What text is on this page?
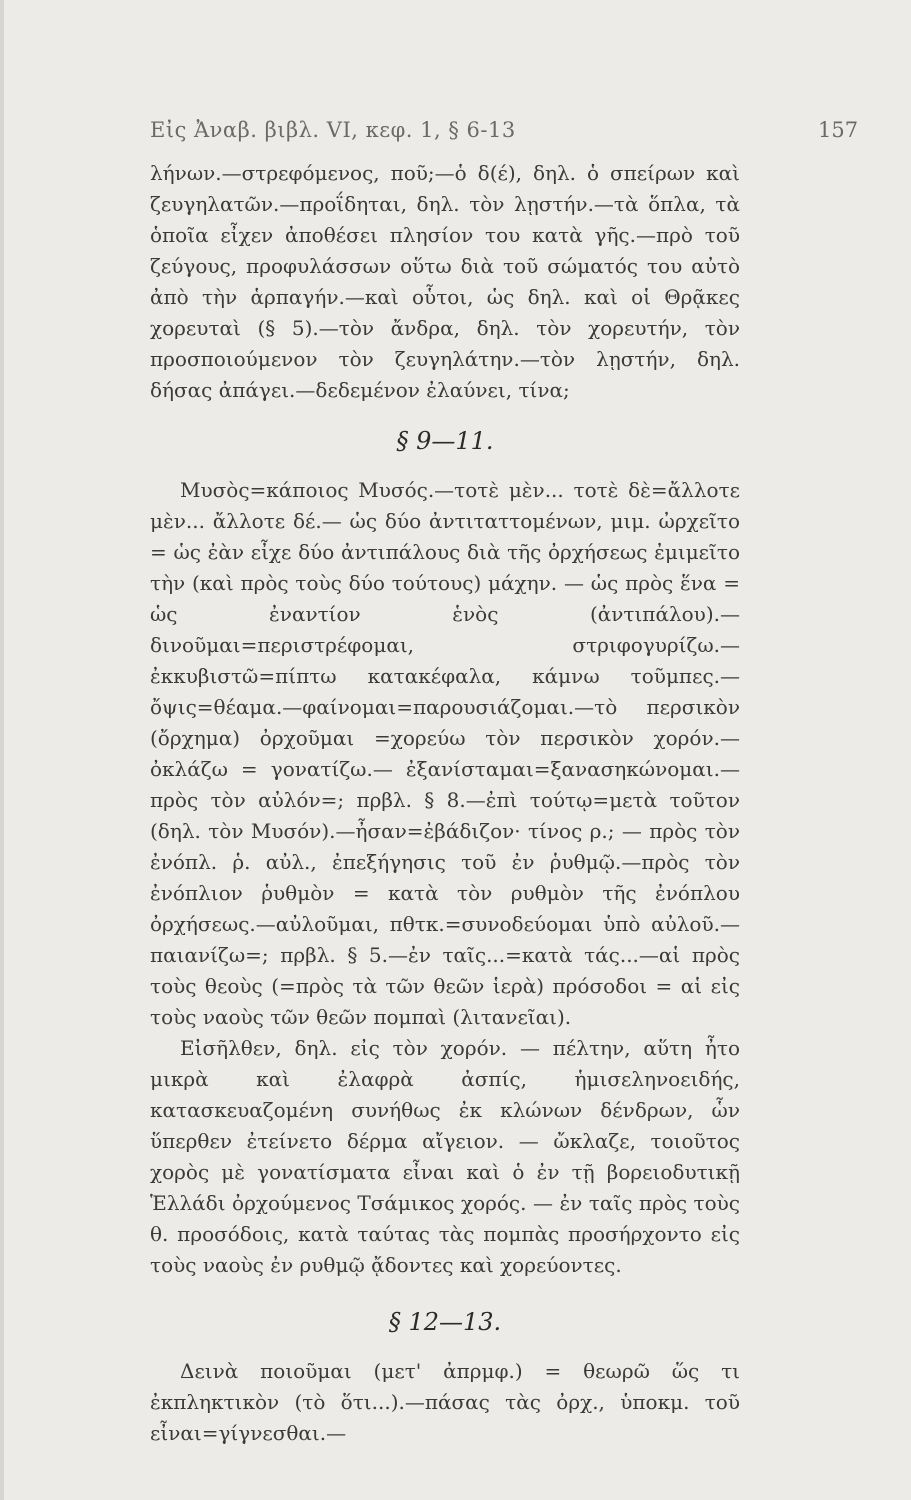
Εἰς Ἀναβ. βιβλ. VI, κεφ. 1, § 6-13	157

λήνων.—στρεφόμενος, ποῦ;—ὁ δ(έ), δηλ. ὁ σπείρων καὶ ζευγηλατῶν.—προΐδηται, δηλ. τὸν λῃστήν.—τὰ ὅπλα, τὰ ὁποῖα εἶχεν ἀποθέσει πλησίον του κατὰ γῆς.—πρὸ τοῦ ζεύγους, προφυλάσσων οὕτω διὰ τοῦ σώματός του αὐτὸ ἀπὸ τὴν ἁρπαγήν.—καὶ οὗτοι, ὡς δηλ. καὶ οἱ Θρᾷκες χορευταὶ (§ 5).—τὸν ἄνδρα, δηλ. τὸν χορευτήν, τὸν προσποιούμενον τὸν ζευγηλάτην.—τὸν λῃστήν, δηλ. δήσας ἀπάγει.—δεδεμένον ἐλαύνει, τίνα;

§ 9—11.

Μυσὸς=κάποιος Μυσός.—τοτὲ μὲν... τοτὲ δὲ=ἄλλοτε μὲν... ἄλλοτε δέ.— ὡς δύο ἀντιταττομένων, μιμ. ὠρχεῖτο = ὡς ἐὰν εἶχε δύο ἀντιπάλους διὰ τῆς ὀρχήσεως ἐμιμεῖτο τὴν (καὶ πρὸς τοὺς δύο τούτους) μάχην. — ὡς πρὸς ἕνα = ὡς ἐναντίον ἑνὸς (ἀντιπάλου).—δινοῦμαι=περιστρέφομαι, στριφογυρίζω.—ἐκκυβιστῶ=πίπτω κατακέφαλα, κάμνω τοῦμπες.—ὄψις=θέαμα.—φαίνομαι=παρουσιάζομαι.—τὸ περσικὸν (ὄρχημα) ὀρχοῦμαι =χορεύω τὸν περσικὸν χορόν.— ὀκλάζω = γονατίζω.— ἐξανίσταμαι=ξανασηκώνομαι.—πρὸς τὸν αὐλόν=; πρβλ. § 8.—ἐπὶ τούτῳ=μετὰ τοῦτον (δηλ. τὸν Μυσόν).—ἦσαν=ἐβάδιζον· τίνος ρ.; — πρὸς τὸν ἐνόπλ. ῥ. αὐλ., ἐπεξήγησις τοῦ ἐν ῥυθμῷ.—πρὸς τὸν ἐνόπλιον ῥυθμὸν = κατὰ τὸν ρυθμὸν τῆς ἐνόπλου ὀρχήσεως.—αὐλοῦμαι, πθτκ.=συνοδεύομαι ὑπὸ αὐλοῦ.—παιανίζω=; πρβλ. § 5.—ἐν ταῖς...=κατὰ τάς...—αἱ πρὸς τοὺς θεοὺς (=πρὸς τὰ τῶν θεῶν ἱερὰ) πρόσοδοι = αἱ εἰς τοὺς ναοὺς τῶν θεῶν πομπαὶ (λιτανεῖαι).

Εἰσῆλθεν, δηλ. εἰς τὸν χορόν. — πέλτην, αὕτη ἦτο μικρὰ καὶ ἐλαφρὰ ἀσπίς, ἡμισεληνοειδής, κατασκευαζομένη συνήθως ἐκ κλώνων δένδρων, ὧν ὕπερθεν ἐτείνετο δέρμα αἴγειον. — ὤκλαζε, τοιοῦτος χορὸς μὲ γονατίσματα εἶναι καὶ ὁ ἐν τῇ βορειοδυτικῇ Ἑλλάδι ὀρχούμενος Τσάμικος χορός. — ἐν ταῖς πρὸς τοὺς θ. προσόδοις, κατὰ ταύτας τὰς πομπὰς προσήρχοντο εἰς τοὺς ναοὺς ἐν ρυθμῷ ᾄδοντες καὶ χορεύοντες.

§ 12—13.

Δεινὰ ποιοῦμαι (μετ' ἀπρμφ.) = θεωρῶ ὥς τι ἐκπληκτικὸν (τὸ ὅτι...).—πάσας τὰς ὀρχ., ὑποκμ. τοῦ εἶναι=γίγνεσθαι.—
